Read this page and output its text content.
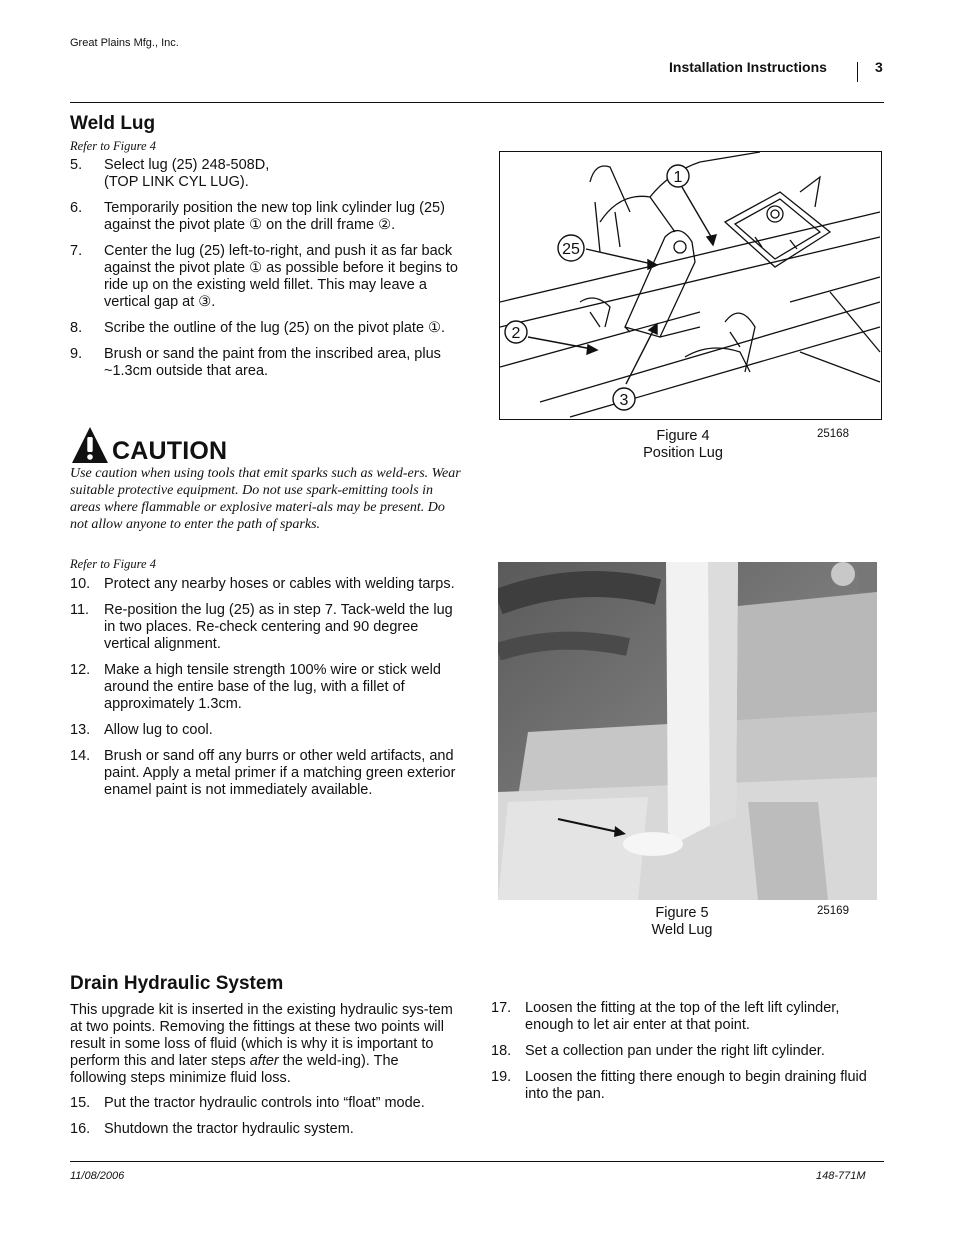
Great Plains Mfg., Inc.
Installation Instructions	3
Weld Lug
Refer to Figure 4
5. Select lug (25) 248-508D,
(TOP LINK CYL LUG).
6. Temporarily position the new top link cylinder lug (25) against the pivot plate ① on the drill frame ②.
7. Center the lug (25) left-to-right, and push it as far back against the pivot plate ① as possible before it begins to ride up on the existing weld fillet. This may leave a vertical gap at ③.
8. Scribe the outline of the lug (25) on the pivot plate ①.
9. Brush or sand the paint from the inscribed area, plus ~1.3cm outside that area.
CAUTION
Use caution when using tools that emit sparks such as weld-ers. Wear suitable protective equipment. Do not use spark-emitting tools in areas where flammable or explosive materi-als may be present. Do not allow anyone to enter the path of sparks.
Refer to Figure 4
10. Protect any nearby hoses or cables with welding tarps.
11. Re-position the lug (25) as in step 7. Tack-weld the lug in two places. Re-check centering and 90 degree vertical alignment.
12. Make a high tensile strength 100% wire or stick weld around the entire base of the lug, with a fillet of approximately 1.3cm.
13. Allow lug to cool.
14. Brush or sand off any burrs or other weld artifacts, and paint. Apply a metal primer if a matching green exterior enamel paint is not immediately available.
1
25
2
3
Figure 4
Position Lug
25168
Figure 5
Weld Lug
25169
Drain Hydraulic System

This upgrade kit is inserted in the existing hydraulic sys-tem at two points. Removing the fittings at these two points will result in some loss of fluid (which is why it is important to perform this and later steps after the weld-ing). The following steps minimize fluid loss.

15. Put the tractor hydraulic controls into “float” mode.
16. Shutdown the tractor hydraulic system.
17. Loosen the fitting at the top of the left lift cylinder, enough to let air enter at that point.
18. Set a collection pan under the right lift cylinder.
19. Loosen the fitting there enough to begin draining fluid into the pan.
11/08/2006	148-771M
